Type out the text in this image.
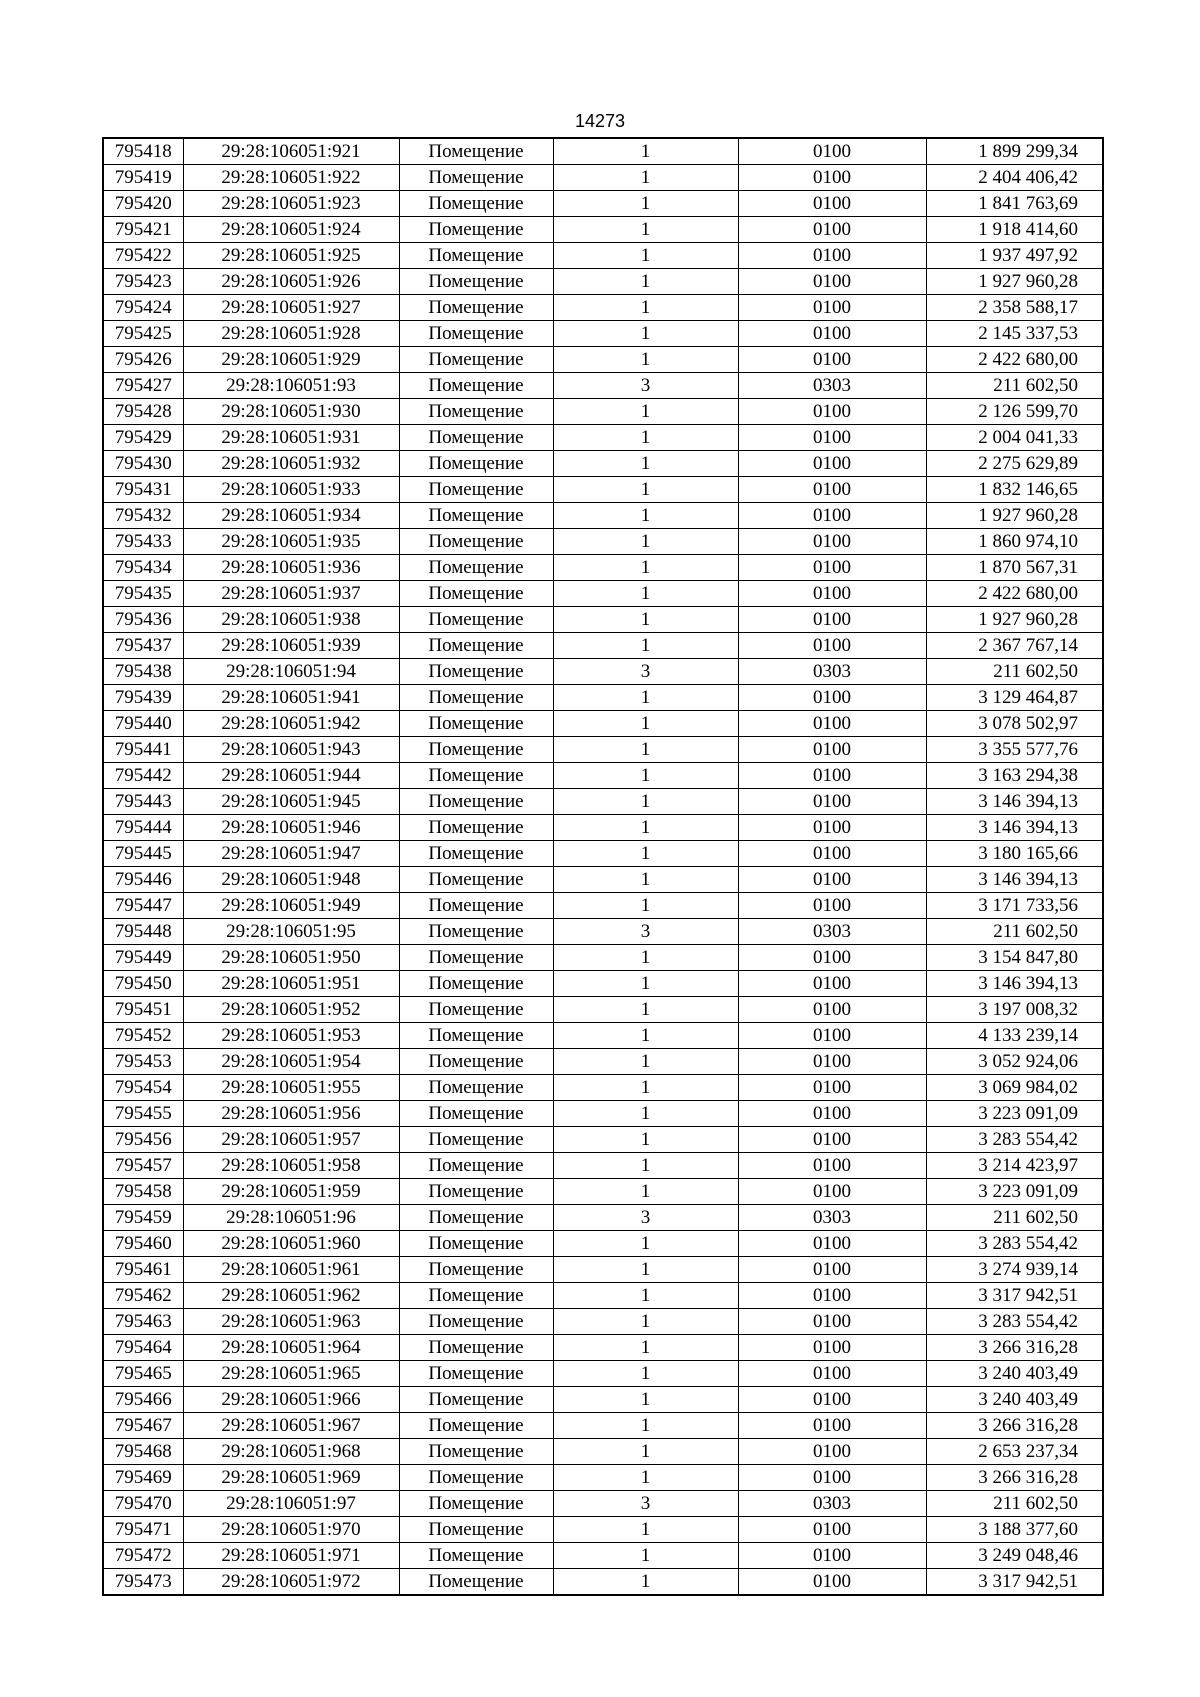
14273
795418	29:28:106051:921	Помещение	1	0100	1 899 299,34
795419	29:28:106051:922	Помещение	1	0100	2 404 406,42
795420	29:28:106051:923	Помещение	1	0100	1 841 763,69
795421	29:28:106051:924	Помещение	1	0100	1 918 414,60
795422	29:28:106051:925	Помещение	1	0100	1 937 497,92
795423	29:28:106051:926	Помещение	1	0100	1 927 960,28
795424	29:28:106051:927	Помещение	1	0100	2 358 588,17
795425	29:28:106051:928	Помещение	1	0100	2 145 337,53
795426	29:28:106051:929	Помещение	1	0100	2 422 680,00
795427	29:28:106051:93	Помещение	3	0303	211 602,50
795428	29:28:106051:930	Помещение	1	0100	2 126 599,70
795429	29:28:106051:931	Помещение	1	0100	2 004 041,33
795430	29:28:106051:932	Помещение	1	0100	2 275 629,89
795431	29:28:106051:933	Помещение	1	0100	1 832 146,65
795432	29:28:106051:934	Помещение	1	0100	1 927 960,28
795433	29:28:106051:935	Помещение	1	0100	1 860 974,10
795434	29:28:106051:936	Помещение	1	0100	1 870 567,31
795435	29:28:106051:937	Помещение	1	0100	2 422 680,00
795436	29:28:106051:938	Помещение	1	0100	1 927 960,28
795437	29:28:106051:939	Помещение	1	0100	2 367 767,14
795438	29:28:106051:94	Помещение	3	0303	211 602,50
795439	29:28:106051:941	Помещение	1	0100	3 129 464,87
795440	29:28:106051:942	Помещение	1	0100	3 078 502,97
795441	29:28:106051:943	Помещение	1	0100	3 355 577,76
795442	29:28:106051:944	Помещение	1	0100	3 163 294,38
795443	29:28:106051:945	Помещение	1	0100	3 146 394,13
795444	29:28:106051:946	Помещение	1	0100	3 146 394,13
795445	29:28:106051:947	Помещение	1	0100	3 180 165,66
795446	29:28:106051:948	Помещение	1	0100	3 146 394,13
795447	29:28:106051:949	Помещение	1	0100	3 171 733,56
795448	29:28:106051:95	Помещение	3	0303	211 602,50
795449	29:28:106051:950	Помещение	1	0100	3 154 847,80
795450	29:28:106051:951	Помещение	1	0100	3 146 394,13
795451	29:28:106051:952	Помещение	1	0100	3 197 008,32
795452	29:28:106051:953	Помещение	1	0100	4 133 239,14
795453	29:28:106051:954	Помещение	1	0100	3 052 924,06
795454	29:28:106051:955	Помещение	1	0100	3 069 984,02
795455	29:28:106051:956	Помещение	1	0100	3 223 091,09
795456	29:28:106051:957	Помещение	1	0100	3 283 554,42
795457	29:28:106051:958	Помещение	1	0100	3 214 423,97
795458	29:28:106051:959	Помещение	1	0100	3 223 091,09
795459	29:28:106051:96	Помещение	3	0303	211 602,50
795460	29:28:106051:960	Помещение	1	0100	3 283 554,42
795461	29:28:106051:961	Помещение	1	0100	3 274 939,14
795462	29:28:106051:962	Помещение	1	0100	3 317 942,51
795463	29:28:106051:963	Помещение	1	0100	3 283 554,42
795464	29:28:106051:964	Помещение	1	0100	3 266 316,28
795465	29:28:106051:965	Помещение	1	0100	3 240 403,49
795466	29:28:106051:966	Помещение	1	0100	3 240 403,49
795467	29:28:106051:967	Помещение	1	0100	3 266 316,28
795468	29:28:106051:968	Помещение	1	0100	2 653 237,34
795469	29:28:106051:969	Помещение	1	0100	3 266 316,28
795470	29:28:106051:97	Помещение	3	0303	211 602,50
795471	29:28:106051:970	Помещение	1	0100	3 188 377,60
795472	29:28:106051:971	Помещение	1	0100	3 249 048,46
795473	29:28:106051:972	Помещение	1	0100	3 317 942,51
